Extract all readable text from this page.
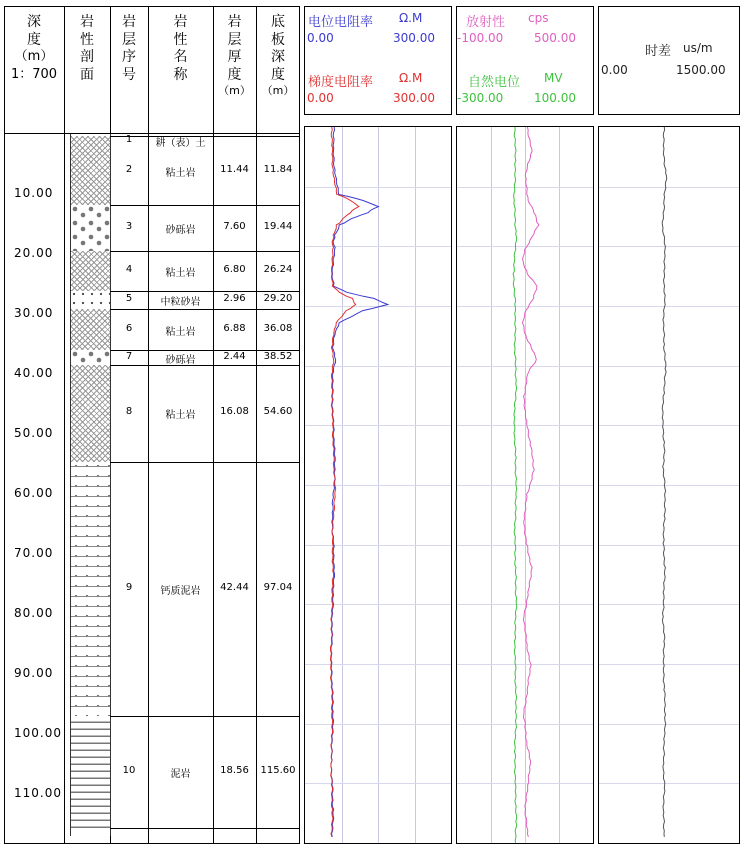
深
度
（m）
1：700
岩
性
剖
面
岩
层
序
号
岩
性
名
称
岩
层
厚
度
（m）
底
板
深
度
（m）
电位电阻率 Ω.M
0.00	300.00
梯度电阻率 Ω.M
0.00	300.00
放射性 cps
-100.00	500.00
自然电位 MV
-300.00	100.00
时差 us/m
0.00	1500.00
10.00
20.00
30.00
40.00
50.00
60.00
70.00
80.00
90.00
100.00
110.00
1	耕（表）土
2	粘土岩	11.44	11.84
3	砂砾岩	7.60	19.44
4	粘土岩	6.80	26.24
5	中粒砂岩	2.96	29.20
6	粘土岩	6.88	36.08
7	砂砾岩	2.44	38.52
8	粘土岩	16.08	54.60
9	钙质泥岩	42.44	97.04
10	泥岩	18.56	115.60
